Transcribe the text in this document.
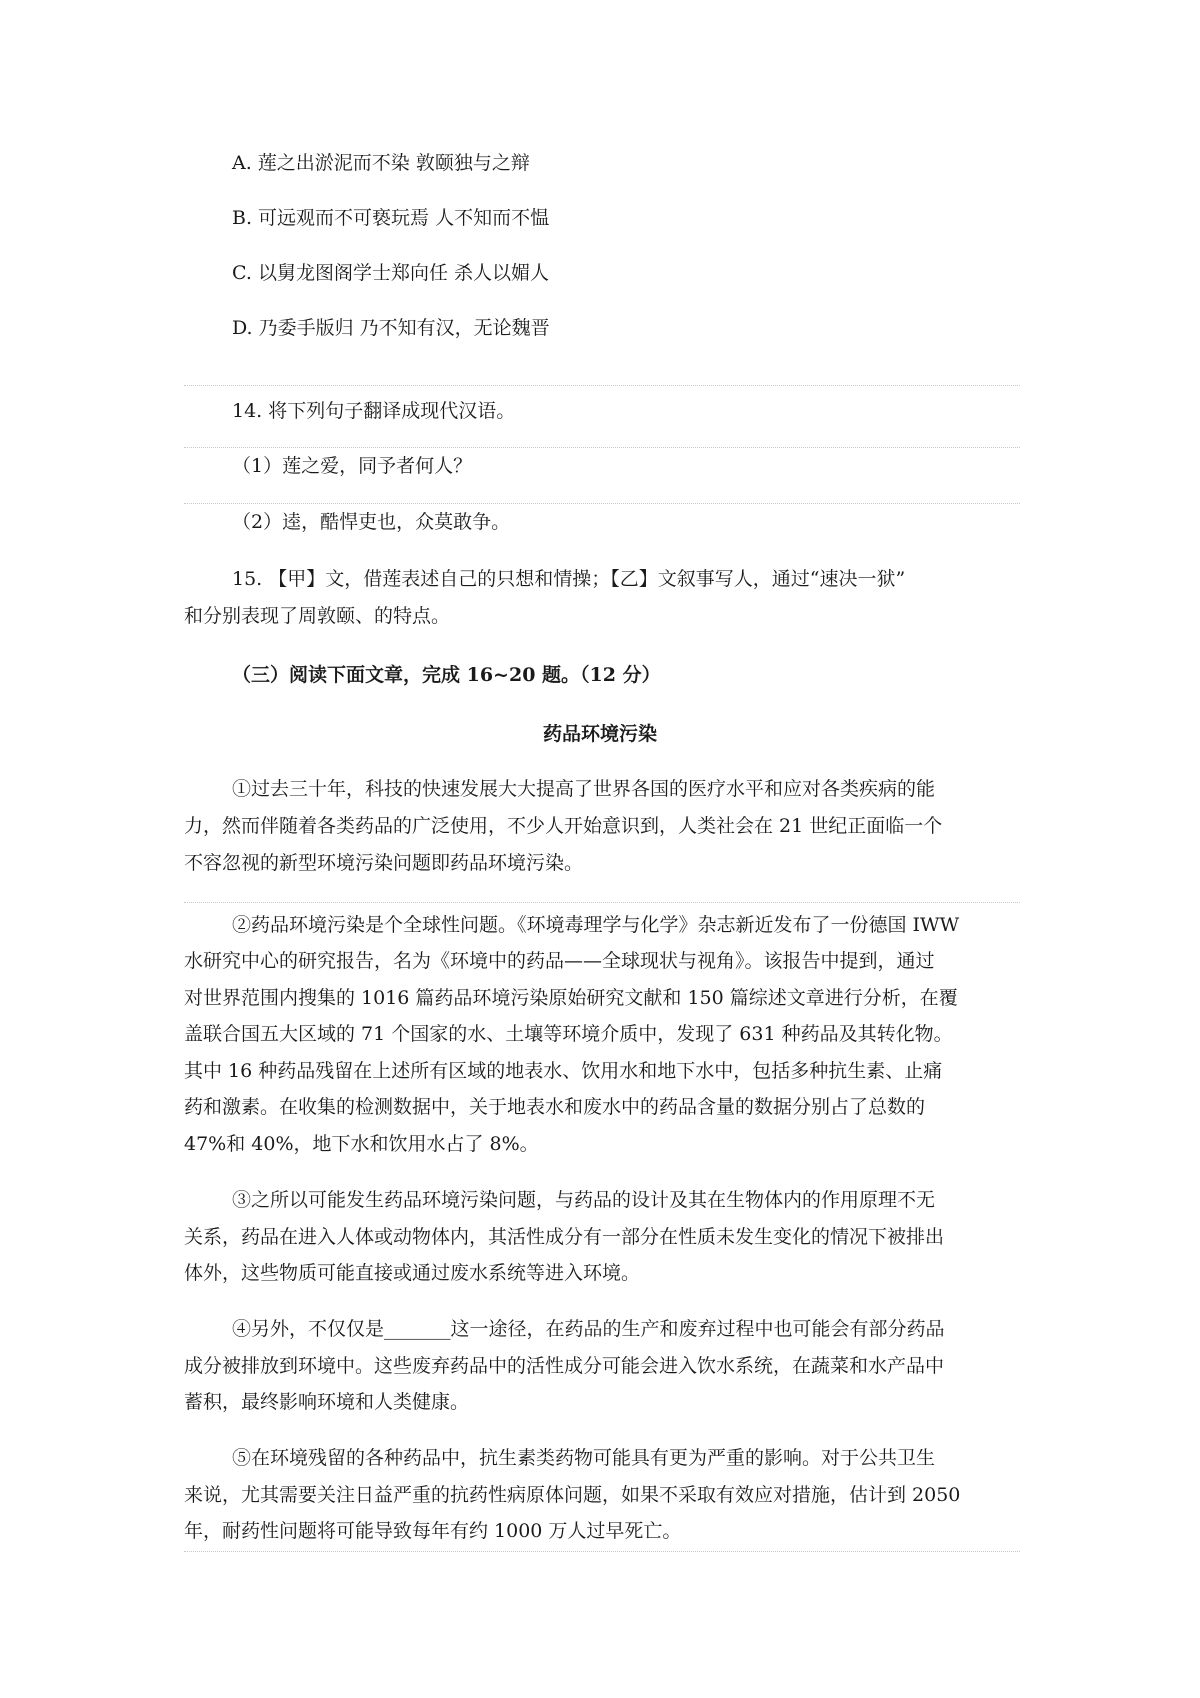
A. 莲之出淤泥而不染 敦颐独与之辩
B. 可远观而不可亵玩焉 人不知而不愠
C. 以舅龙图阁学士郑向任 杀人以媚人
D. 乃委手版归 乃不知有汉，无论魏晋
14. 将下列句子翻译成现代汉语。
（1）莲之爱，同予者何人？
（2）逵，酷悍吏也，众莫敢争。
15. 【甲】文，借莲表述自己的只想和情操；【乙】文叙事写人，通过“速决一狱”
和分别表现了周敦颐、的特点。
（三）阅读下面文章，完成 16~20 题。（12 分）
药品环境污染
①过去三十年，科技的快速发展大大提高了世界各国的医疗水平和应对各类疾病的能
力，然而伴随着各类药品的广泛使用，不少人开始意识到，人类社会在 21 世纪正面临一个
不容忽视的新型环境污染问题即药品环境污染。
②药品环境污染是个全球性问题。《环境毒理学与化学》杂志新近发布了一份德国 IWW
水研究中心的研究报告，名为《环境中的药品——全球现状与视角》。该报告中提到，通过
对世界范围内搜集的 1016 篇药品环境污染原始研究文献和 150 篇综述文章进行分析，在覆
盖联合国五大区域的 71 个国家的水、土壤等环境介质中，发现了 631 种药品及其转化物。
其中 16 种药品残留在上述所有区域的地表水、饮用水和地下水中，包括多种抗生素、止痛
药和激素。在收集的检测数据中，关于地表水和废水中的药品含量的数据分别占了总数的
47%和 40%，地下水和饮用水占了 8%。
③之所以可能发生药品环境污染问题，与药品的设计及其在生物体内的作用原理不无
关系，药品在进入人体或动物体内，其活性成分有一部分在性质未发生变化的情况下被排出
体外，这些物质可能直接或通过废水系统等进入环境。
④另外，不仅仅是_______这一途径，在药品的生产和废弃过程中也可能会有部分药品
成分被排放到环境中。这些废弃药品中的活性成分可能会进入饮水系统，在蔬菜和水产品中
蓄积，最终影响环境和人类健康。
⑤在环境残留的各种药品中，抗生素类药物可能具有更为严重的影响。对于公共卫生
来说，尤其需要关注日益严重的抗药性病原体问题，如果不采取有效应对措施，估计到 2050
年，耐药性问题将可能导致每年有约 1000 万人过早死亡。
